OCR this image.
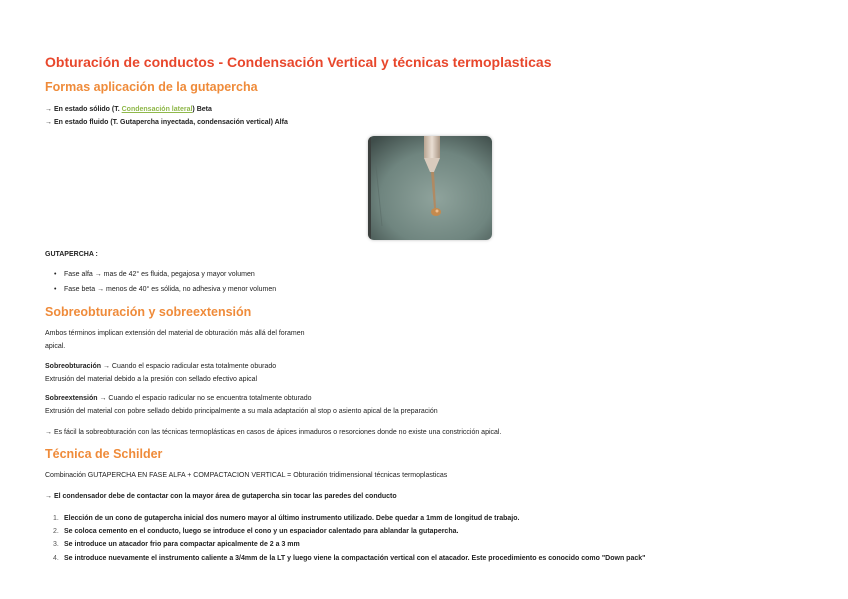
Obturación de conductos - Condensación Vertical y técnicas termoplasticas
Formas aplicación de la gutapercha
→ En estado sólido (T. Condensación lateral) Beta
→ En estado fluido (T. Gutapercha inyectada, condensación vertical) Alfa
GUTAPERCHA :
• Fase alfa → mas de 42° es fluida, pegajosa y mayor volumen
• Fase beta → menos de 40° es sólida, no adhesiva y menor volumen
Sobreobturación y sobreextensión
Ambos términos implican extensión del material de obturación más allá del foramen
apical.
Sobreobturación → Cuando el espacio radicular esta totalmente oburado
Extrusión del material debido a la presión con sellado efectivo apical
Sobreextensión → Cuando el espacio radicular no se encuentra totalmente obturado
Extrusión del material con pobre sellado debido principalmente a su mala adaptación al stop o asiento apical de la preparación
→ Es fácil la sobreobturación con las técnicas termoplásticas en casos de ápices inmaduros o resorciones donde no existe una constricción apical.
Técnica de Schilder
Combinación GUTAPERCHA EN FASE ALFA + COMPACTACION VERTICAL = Obturación tridimensional técnicas termoplasticas
→ El condensador debe de contactar con la mayor área de gutapercha sin tocar las paredes del conducto
1. Elección de un cono de gutapercha inicial dos numero mayor al último instrumento utilizado. Debe quedar a 1mm de longitud de trabajo.
2. Se coloca cemento en el conducto, luego se introduce el cono y un espaciador calentado para ablandar la gutapercha.
3. Se introduce un atacador frio para compactar apicalmente de 2 a 3 mm
4. Se introduce nuevamente el instrumento caliente a 3/4mm de la LT y luego viene la compactación vertical con el atacador. Este procedimiento es conocido como "Down pack"
